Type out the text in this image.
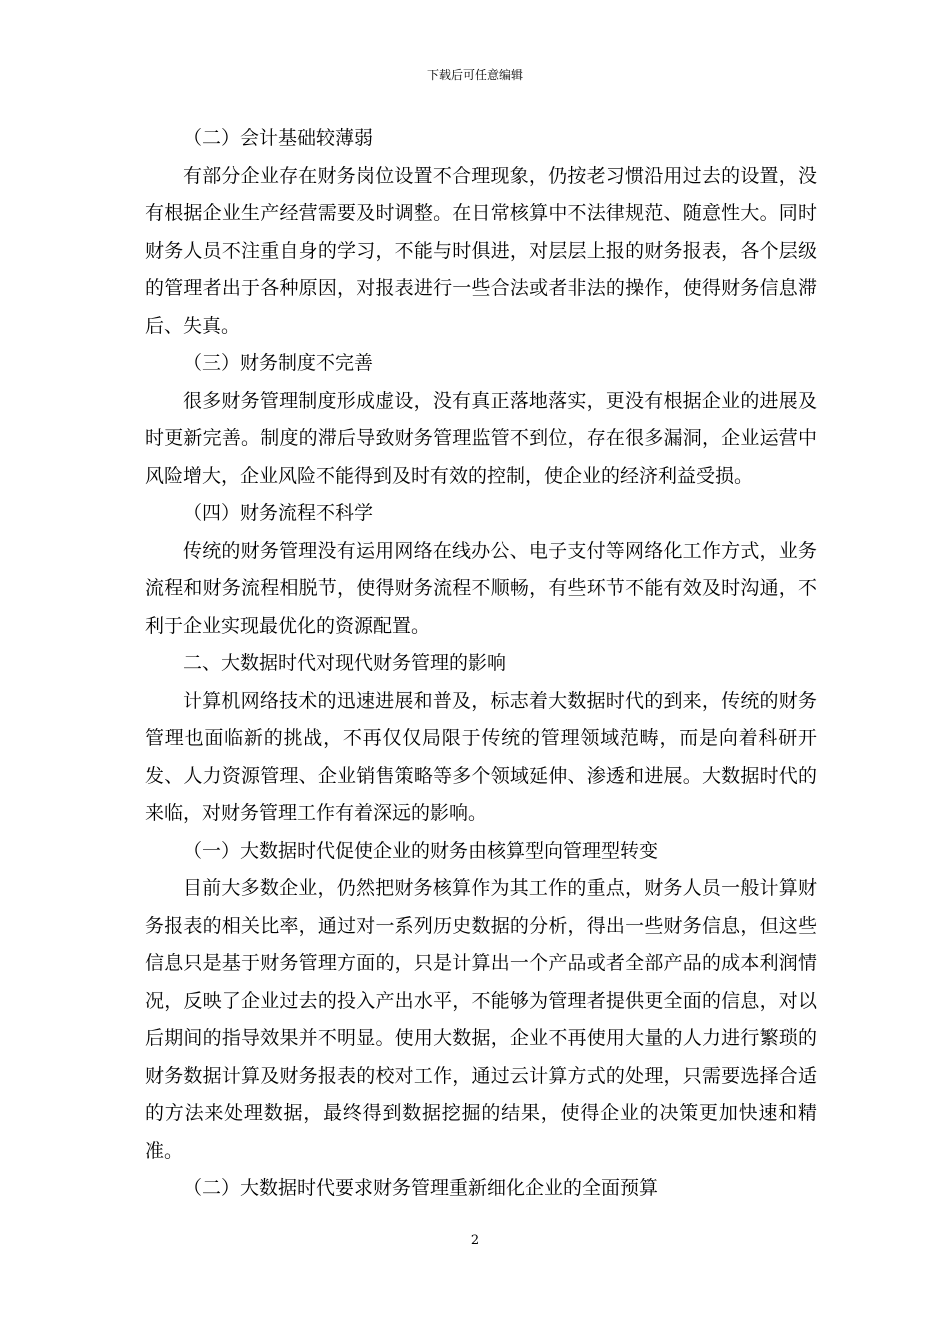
下载后可任意编辑

（二）会计基础较薄弱

有部分企业存在财务岗位设置不合理现象，仍按老习惯沿用过去的设置，没有根据企业生产经营需要及时调整。在日常核算中不法律规范、随意性大。同时财务人员不注重自身的学习，不能与时俱进，对层层上报的财务报表，各个层级的管理者出于各种原因，对报表进行一些合法或者非法的操作，使得财务信息滞后、失真。

（三）财务制度不完善

很多财务管理制度形成虚设，没有真正落地落实，更没有根据企业的进展及时更新完善。制度的滞后导致财务管理监管不到位，存在很多漏洞，企业运营中风险增大，企业风险不能得到及时有效的控制，使企业的经济利益受损。

（四）财务流程不科学

传统的财务管理没有运用网络在线办公、电子支付等网络化工作方式，业务流程和财务流程相脱节，使得财务流程不顺畅，有些环节不能有效及时沟通，不利于企业实现最优化的资源配置。

二、大数据时代对现代财务管理的影响

计算机网络技术的迅速进展和普及，标志着大数据时代的到来，传统的财务管理也面临新的挑战，不再仅仅局限于传统的管理领域范畴，而是向着科研开发、人力资源管理、企业销售策略等多个领域延伸、渗透和进展。大数据时代的来临，对财务管理工作有着深远的影响。

（一）大数据时代促使企业的财务由核算型向管理型转变

目前大多数企业，仍然把财务核算作为其工作的重点，财务人员一般计算财务报表的相关比率，通过对一系列历史数据的分析，得出一些财务信息，但这些信息只是基于财务管理方面的，只是计算出一个产品或者全部产品的成本利润情况，反映了企业过去的投入产出水平，不能够为管理者提供更全面的信息，对以后期间的指导效果并不明显。使用大数据，企业不再使用大量的人力进行繁琐的财务数据计算及财务报表的校对工作，通过云计算方式的处理，只需要选择合适的方法来处理数据，最终得到数据挖掘的结果，使得企业的决策更加快速和精准。

（二）大数据时代要求财务管理重新细化企业的全面预算

2
